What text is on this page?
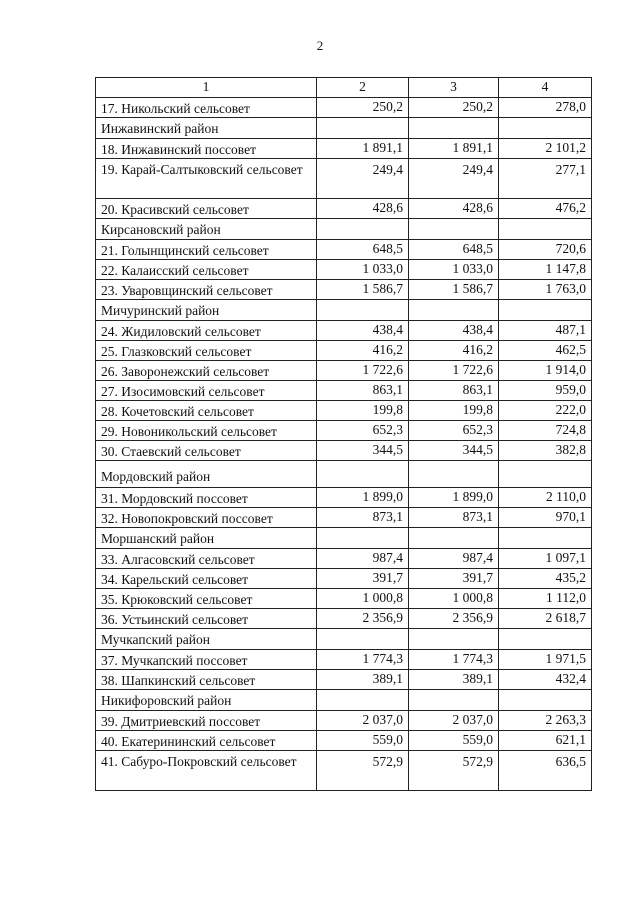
2
1	2	3	4
17. Никольский сельсовет	250,2	250,2	278,0
Инжавинский район			
18. Инжавинский поссовет	1 891,1	1 891,1	2 101,2
19. Карай-Салтыковский сельсовет	249,4	249,4	277,1
20. Красивский сельсовет	428,6	428,6	476,2
Кирсановский район			
21. Голынщинский сельсовет	648,5	648,5	720,6
22. Калаисский сельсовет	1 033,0	1 033,0	1 147,8
23. Уваровщинский сельсовет	1 586,7	1 586,7	1 763,0
Мичуринский район			
24. Жидиловский сельсовет	438,4	438,4	487,1
25. Глазковский сельсовет	416,2	416,2	462,5
26. Заворонежский сельсовет	1 722,6	1 722,6	1 914,0
27. Изосимовский сельсовет	863,1	863,1	959,0
28. Кочетовский сельсовет	199,8	199,8	222,0
29. Новоникольский сельсовет	652,3	652,3	724,8
30. Стаевский сельсовет	344,5	344,5	382,8
Мордовский район			
31. Мордовский поссовет	1 899,0	1 899,0	2 110,0
32. Новопокровский поссовет	873,1	873,1	970,1
Моршанский район			
33. Алгасовский сельсовет	987,4	987,4	1 097,1
34. Карельский сельсовет	391,7	391,7	435,2
35. Крюковский сельсовет	1 000,8	1 000,8	1 112,0
36. Устьинский сельсовет	2 356,9	2 356,9	2 618,7
Мучкапский район			
37. Мучкапский поссовет	1 774,3	1 774,3	1 971,5
38. Шапкинский сельсовет	389,1	389,1	432,4
Никифоровский район			
39. Дмитриевский поссовет	2 037,0	2 037,0	2 263,3
40. Екатерининский сельсовет	559,0	559,0	621,1
41. Сабуро-Покровский сельсовет	572,9	572,9	636,5
